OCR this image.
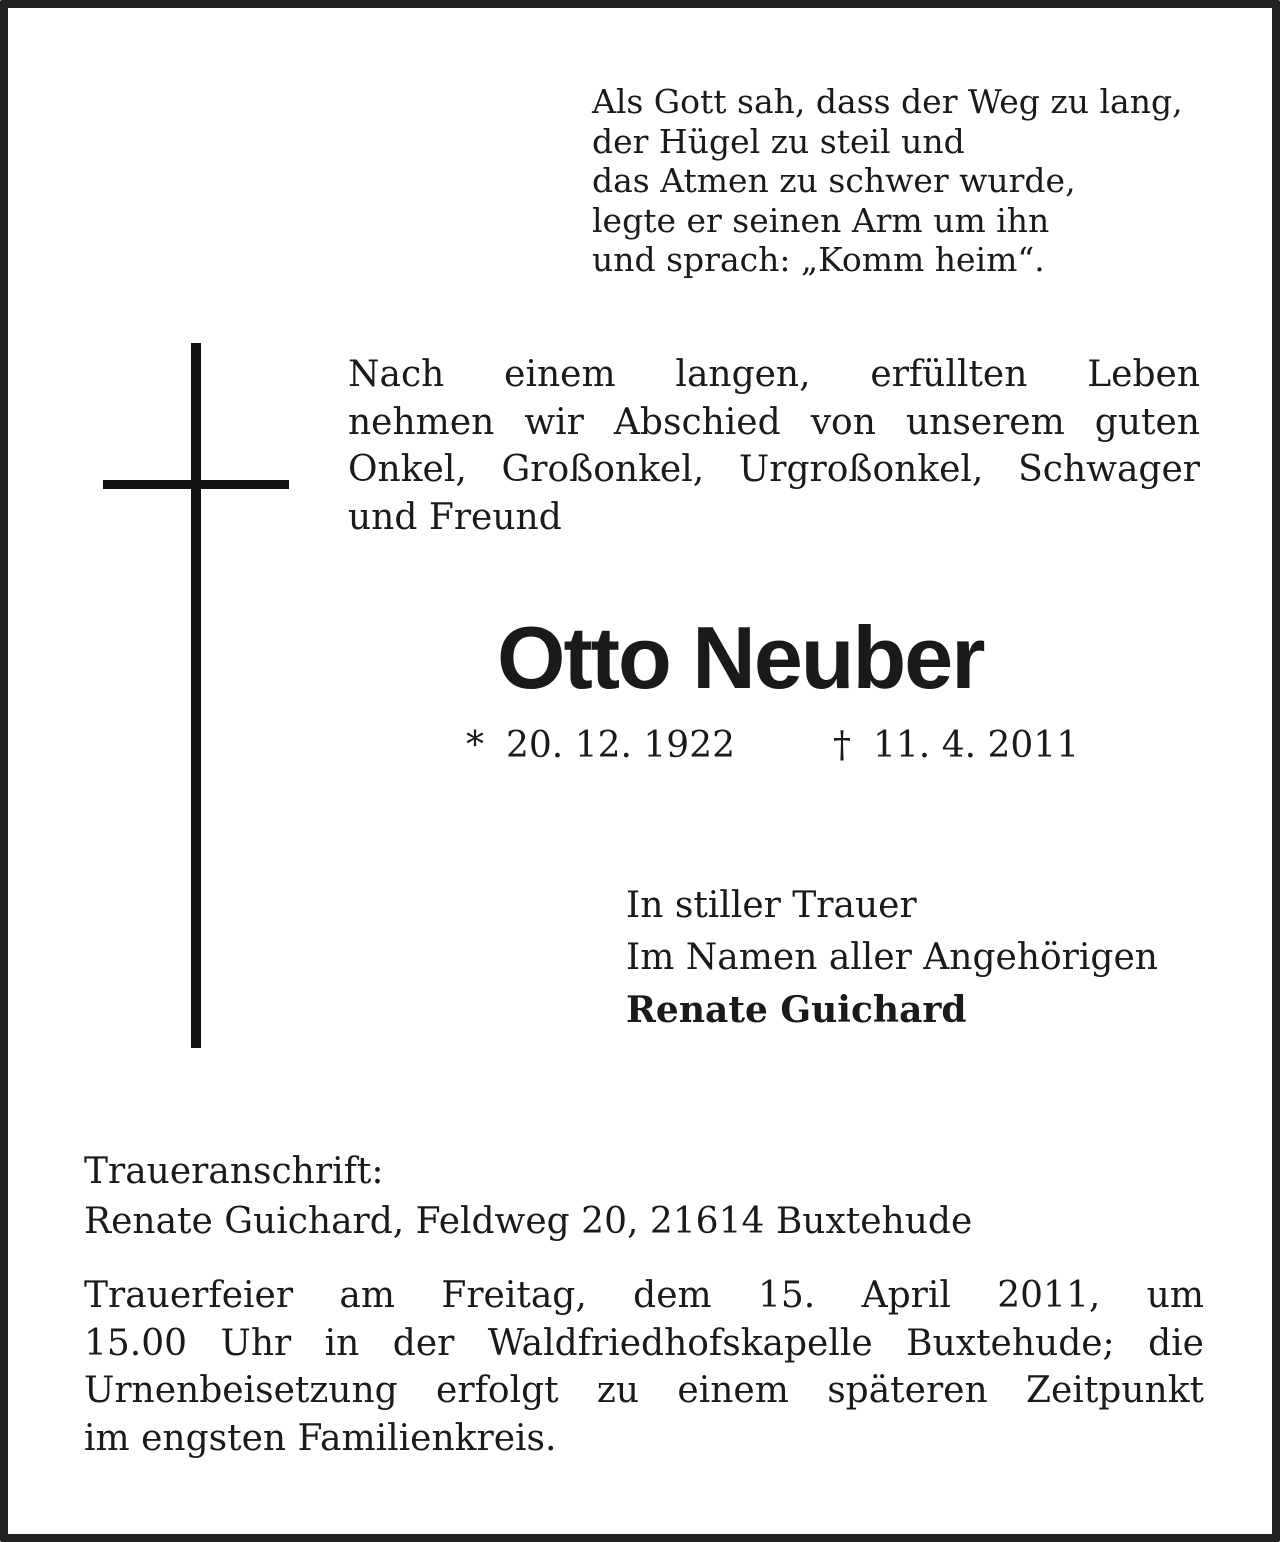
Als Gott sah, dass der Weg zu lang,
der Hügel zu steil und
das Atmen zu schwer wurde,
legte er seinen Arm um ihn
und sprach: „Komm heim“.
Nach einem langen, erfüllten Leben
nehmen wir Abschied von unserem guten
Onkel, Großonkel, Urgroßonkel, Schwager
und Freund
Otto Neuber
* 20. 12. 1922	† 11. 4. 2011
In stiller Trauer
Im Namen aller Angehörigen
Renate Guichard
Traueranschrift:
Renate Guichard, Feldweg 20, 21614 Buxtehude
Trauerfeier am Freitag, dem 15. April 2011, um
15.00 Uhr in der Waldfriedhofskapelle Buxtehude; die
Urnenbeisetzung erfolgt zu einem späteren Zeitpunkt
im engsten Familienkreis.
